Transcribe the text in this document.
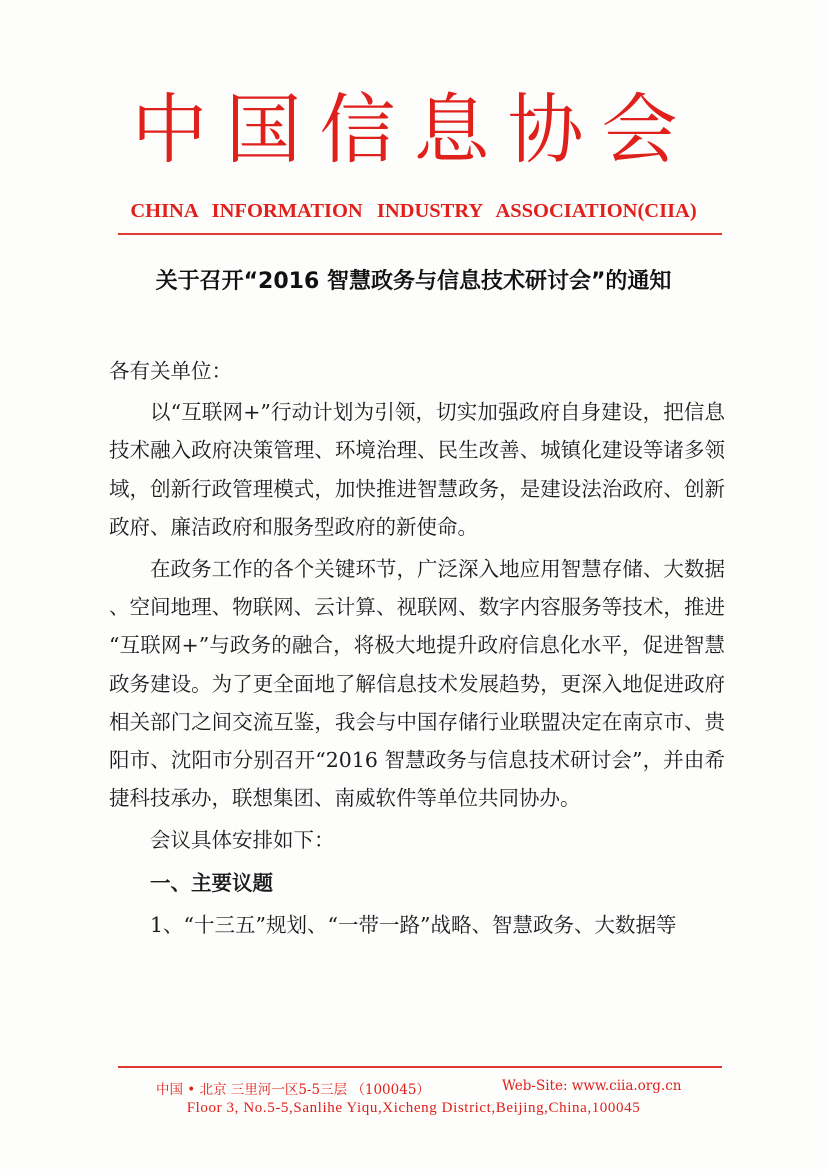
中国信息协会
CHINA INFORMATION INDUSTRY ASSOCIATION(CIIA)
关于召开“2016 智慧政务与信息技术研讨会”的通知

各有关单位：

以“互联网+”行动计划为引领，切实加强政府自身建设，把信息技术融入政府决策管理、环境治理、民生改善、城镇化建设等诸多领域，创新行政管理模式，加快推进智慧政务，是建设法治政府、创新政府、廉洁政府和服务型政府的新使命。

在政务工作的各个关键环节，广泛深入地应用智慧存储、大数据、空间地理、物联网、云计算、视联网、数字内容服务等技术，推进“互联网+”与政务的融合，将极大地提升政府信息化水平，促进智慧政务建设。为了更全面地了解信息技术发展趋势，更深入地促进政府相关部门之间交流互鉴，我会与中国存储行业联盟决定在南京市、贵阳市、沈阳市分别召开“2016 智慧政务与信息技术研讨会”，并由希捷科技承办，联想集团、南威软件等单位共同协办。

会议具体安排如下：

一、主要议题

1、“十三五”规划、“一带一路”战略、智慧政务、大数据等

中国 • 北京 三里河一区5-5三层 （100045）	Web-Site: www.ciia.org.cn
Floor 3, No.5-5,Sanlihe Yiqu,Xicheng District,Beijing,China,100045
